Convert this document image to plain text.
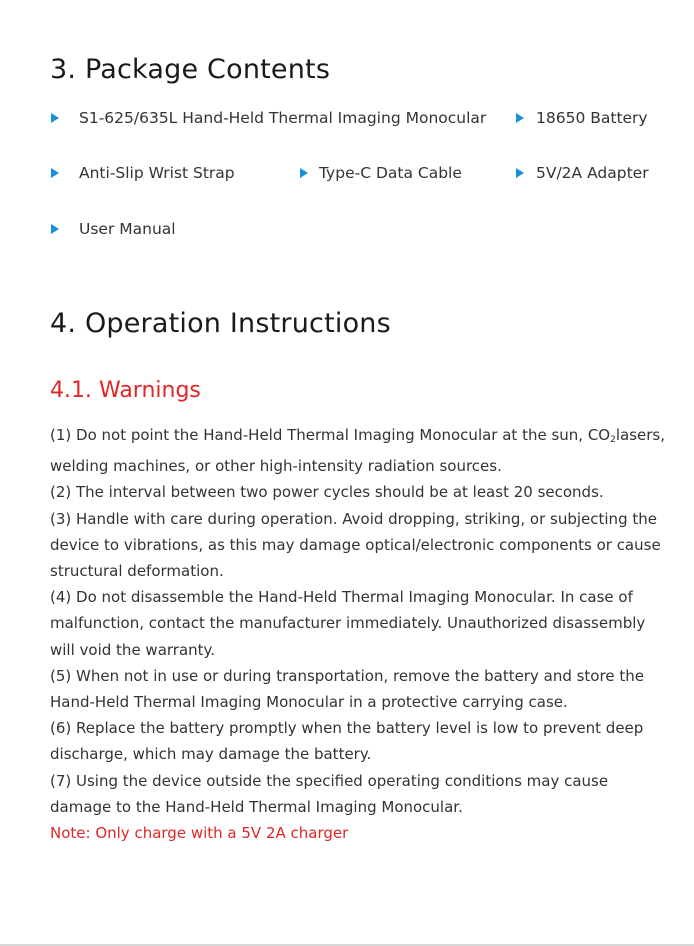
3. Package Contents
S1-625/635L Hand-Held Thermal Imaging Monocular	18650 Battery
Anti-Slip Wrist Strap	Type-C Data Cable	5V/2A Adapter
User Manual
4. Operation Instructions
4.1. Warnings

(1) Do not point the Hand-Held Thermal Imaging Monocular at the sun, $CO_2lasers$,

welding machines, or other high-intensity radiation sources.

(2) The interval between two power cycles should be at least 20 seconds.

(3) Handle with care during operation. Avoid dropping, striking, or subjecting the

device to vibrations, as this may damage optical/electronic components or cause

structural deformation.

(4) Do not disassemble the Hand-Held Thermal Imaging Monocular. In case of

malfunction, contact the manufacturer immediately. Unauthorized disassembly

will void the warranty.

(5) When not in use or during transportation, remove the battery and store the

Hand-Held Thermal Imaging Monocular in a protective carrying case.

(6) Replace the battery promptly when the battery level is low to prevent deep

discharge, which may damage the battery.

(7) Using the device outside the specified operating conditions may cause

damage to the Hand-Held Thermal Imaging Monocular.

Note: Only charge with a 5V 2A charger
